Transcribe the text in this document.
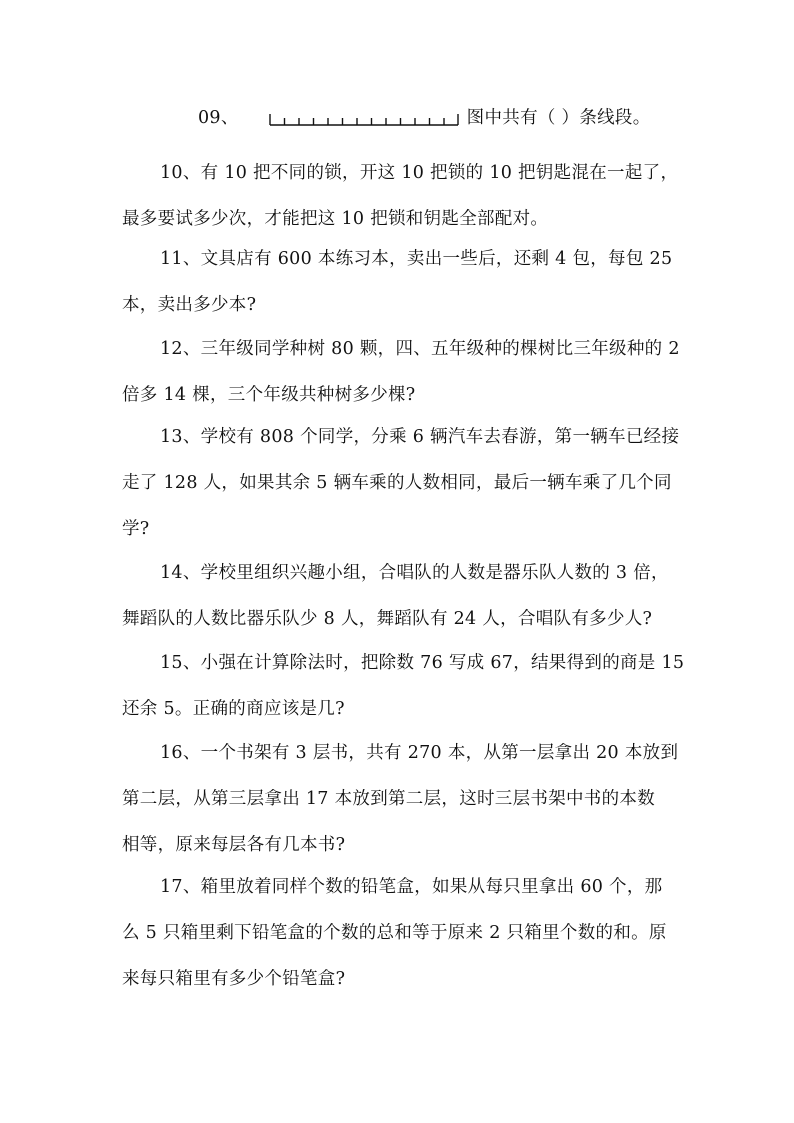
09、	图中共有（ ）条线段。
10、有 10 把不同的锁，开这 10 把锁的 10 把钥匙混在一起了，
最多要试多少次，才能把这 10 把锁和钥匙全部配对。
11、文具店有 600 本练习本，卖出一些后，还剩 4 包，每包 25
本，卖出多少本?
12、三年级同学种树 80 颗，四、五年级种的棵树比三年级种的 2
倍多 14 棵，三个年级共种树多少棵?
13、学校有 808 个同学，分乘 6 辆汽车去春游，第一辆车已经接
走了 128 人，如果其余 5 辆车乘的人数相同，最后一辆车乘了几个同
学?
14、学校里组织兴趣小组，合唱队的人数是器乐队人数的 3 倍，
舞蹈队的人数比器乐队少 8 人，舞蹈队有 24 人，合唱队有多少人?
15、小强在计算除法时，把除数 76 写成 67，结果得到的商是 15
还余 5。正确的商应该是几?
16、一个书架有 3 层书，共有 270 本，从第一层拿出 20 本放到
第二层，从第三层拿出 17 本放到第二层，这时三层书架中书的本数
相等，原来每层各有几本书?
17、箱里放着同样个数的铅笔盒，如果从每只里拿出 60 个，那
么 5 只箱里剩下铅笔盒的个数的总和等于原来 2 只箱里个数的和。原
来每只箱里有多少个铅笔盒?
